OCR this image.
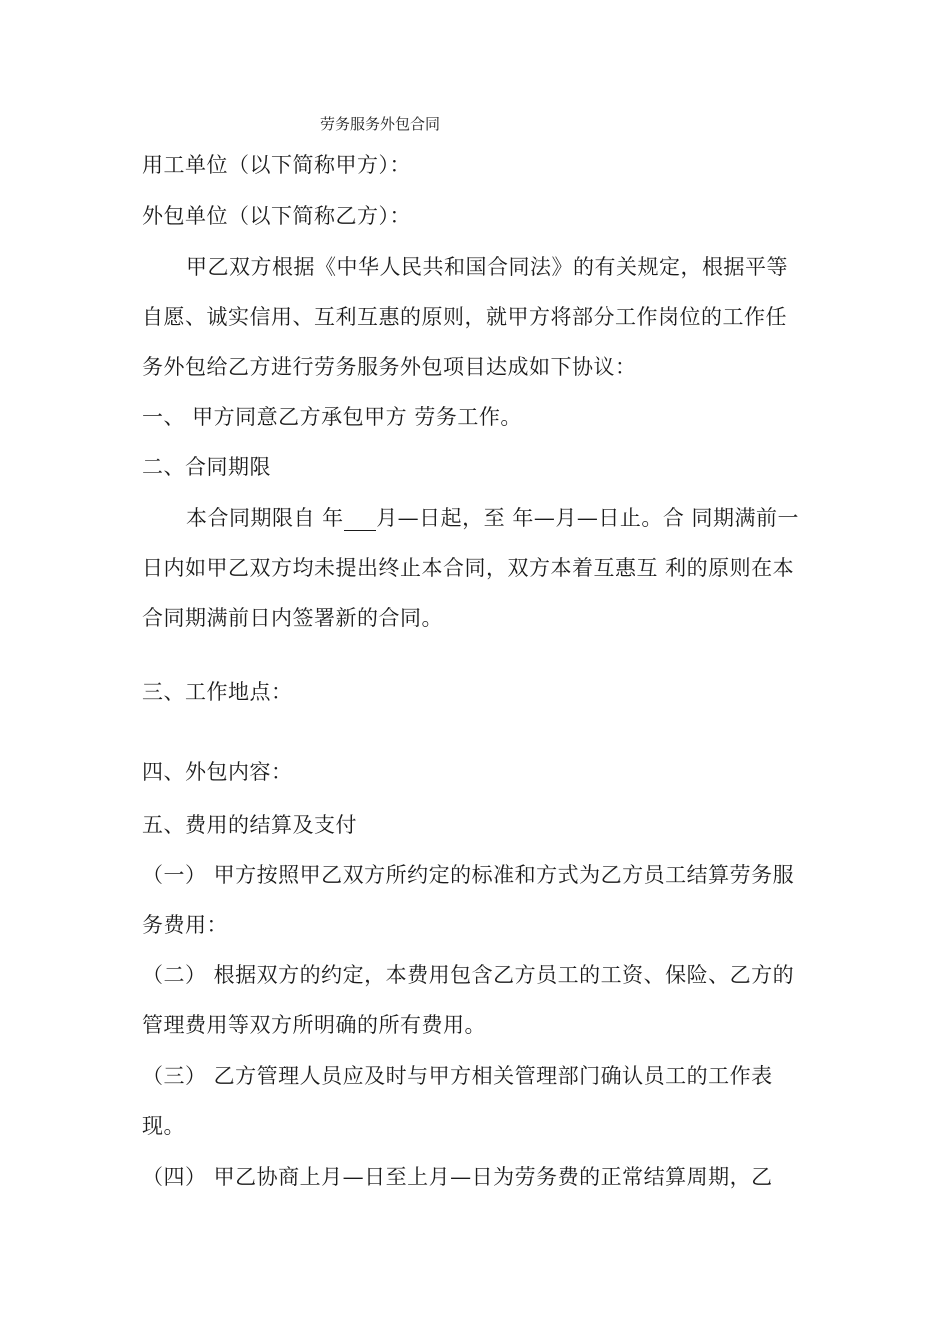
劳务服务外包合同
用工单位（以下简称甲方）：
外包单位（以下简称乙方）：
甲乙双方根据《中华人民共和国合同法》的有关规定，根据平等
自愿、诚实信用、互利互惠的原则，就甲方将部分工作岗位的工作任
务外包给乙方进行劳务服务外包项目达成如下协议：
一、 甲方同意乙方承包甲方 劳务工作。
二、合同期限
本合同期限自 年   月—日起，至 年—月—日止。合 同期满前一
日内如甲乙双方均未提出终止本合同，双方本着互惠互 利的原则在本
合同期满前日内签署新的合同。
三、工作地点：
四、外包内容：
五、费用的结算及支付
（一） 甲方按照甲乙双方所约定的标准和方式为乙方员工结算劳务服
务费用：
（二） 根据双方的约定，本费用包含乙方员工的工资、保险、乙方的
管理费用等双方所明确的所有费用。
（三） 乙方管理人员应及时与甲方相关管理部门确认员工的工作表
现。
（四） 甲乙协商上月—日至上月—日为劳务费的正常结算周期，乙
